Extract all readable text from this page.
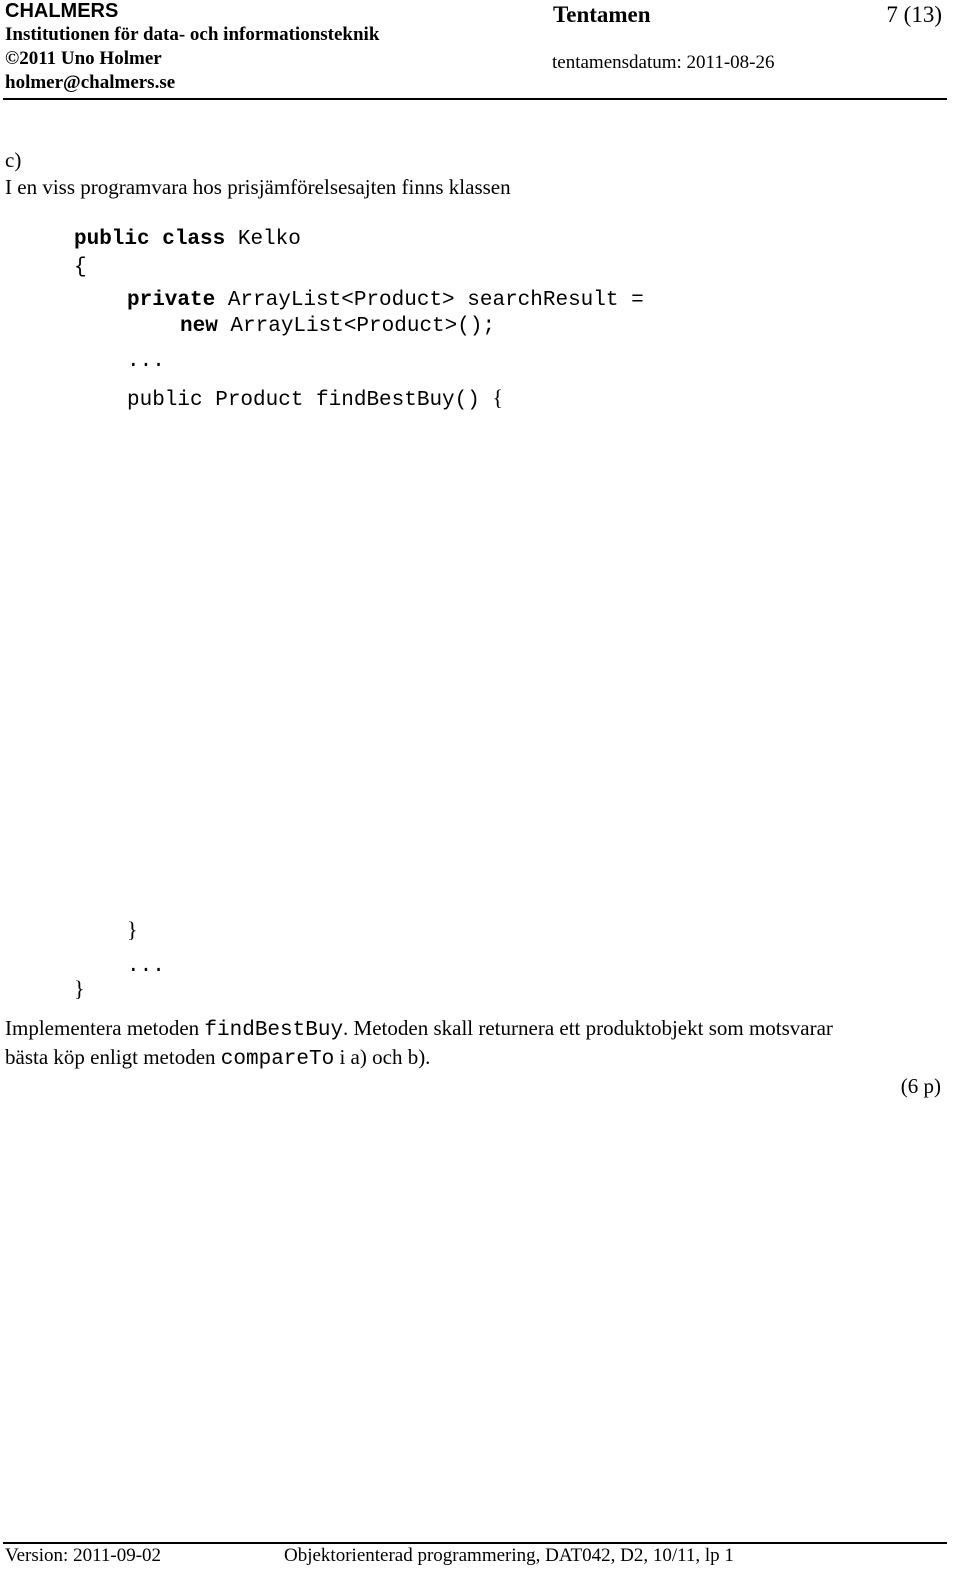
CHALMERS
Institutionen för data- och informationsteknik
©2011 Uno Holmer
holmer@chalmers.se
Tentamen	7 (13)
tentamensdatum: 2011-08-26
c)
I en viss programvara hos prisjämförelsesajten finns klassen
public class Kelko
{
private ArrayList<Product> searchResult =
new ArrayList<Product>();
...
public Product findBestBuy() {
}
...
}
Implementera metoden findBestBuy. Metoden skall returnera ett produktobjekt som motsvarar
bästa köp enligt metoden compareTo i a) och b).
(6 p)
Version: 2011-09-02	Objektorienterad programmering, DAT042, D2, 10/11, lp 1
